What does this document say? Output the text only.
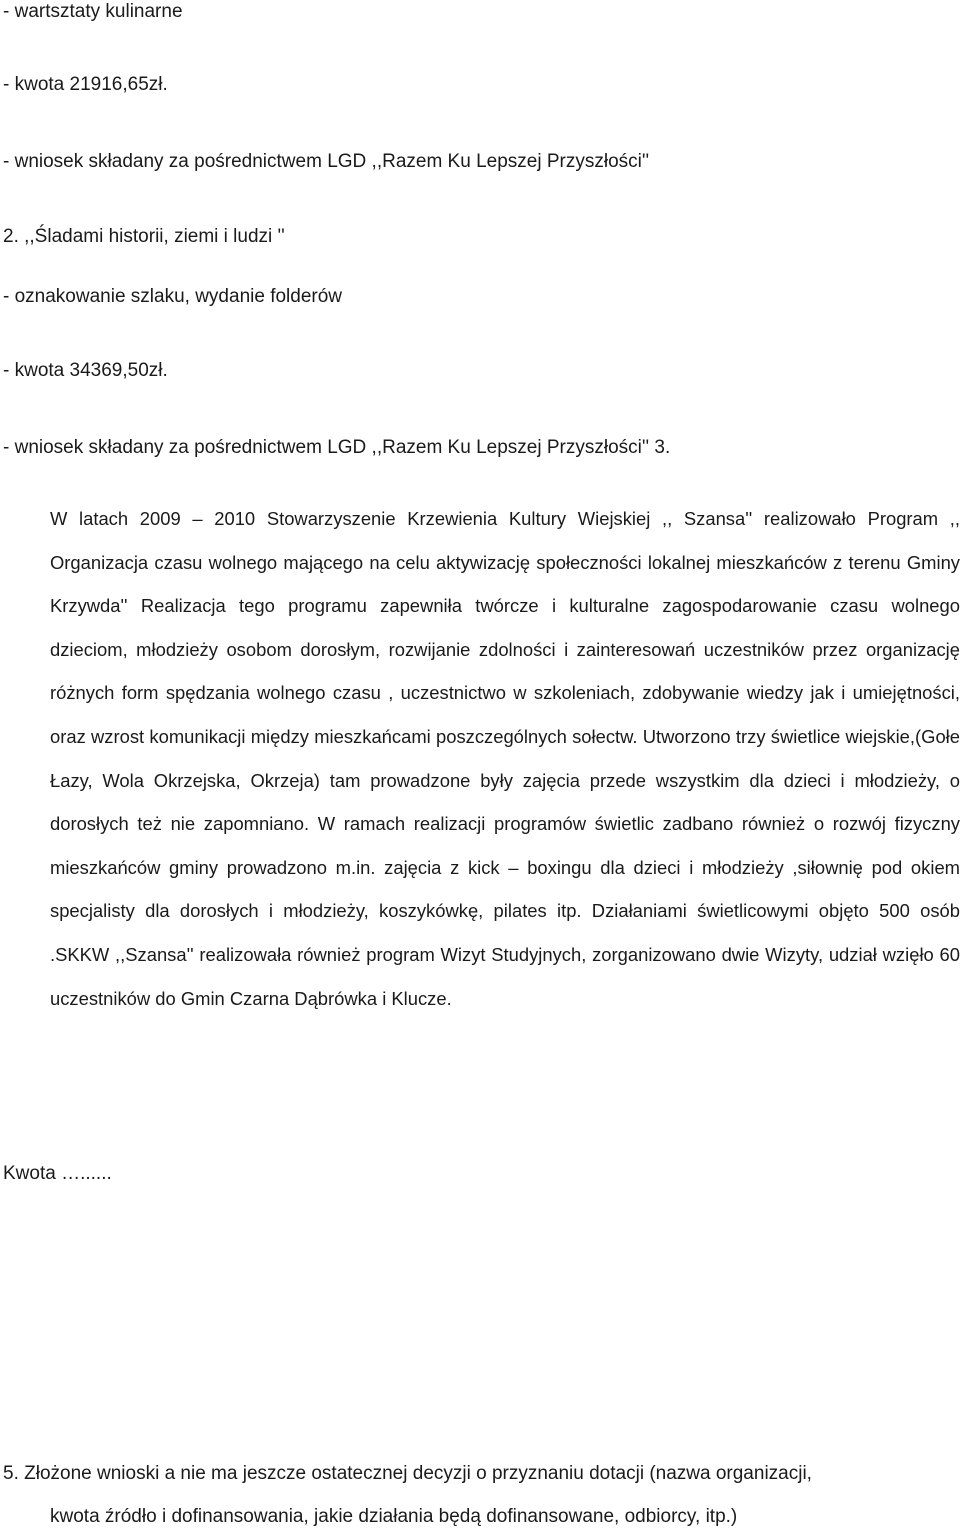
- wartsztaty kulinarne
- kwota 21916,65zł.
- wniosek składany za pośrednictwem LGD ,,Razem Ku Lepszej Przyszłości''
2. ,,Śladami historii, ziemi i ludzi ''
- oznakowanie szlaku, wydanie folderów
- kwota 34369,50zł.
- wniosek składany za pośrednictwem LGD ,,Razem Ku Lepszej Przyszłości'' 3.

W latach 2009 – 2010 Stowarzyszenie Krzewienia Kultury Wiejskiej ,, Szansa'' realizowało Program ,, Organizacja czasu wolnego mającego na celu aktywizację społeczności lokalnej mieszkańców z terenu Gminy Krzywda'' Realizacja tego programu zapewniła twórcze i kulturalne zagospodarowanie czasu wolnego dzieciom, młodzieży osobom dorosłym, rozwijanie zdolności i zainteresowań uczestników przez organizację różnych form spędzania wolnego czasu , uczestnictwo w szkoleniach, zdobywanie wiedzy jak i umiejętności, oraz wzrost komunikacji między mieszkańcami poszczególnych sołectw. Utworzono trzy świetlice wiejskie,(Gołe Łazy, Wola Okrzejska, Okrzeja) tam prowadzone były zajęcia przede wszystkim dla dzieci i młodzieży, o dorosłych też nie zapomniano. W ramach realizacji programów świetlic zadbano również o rozwój fizyczny mieszkańców gminy prowadzono m.in. zajęcia z kick – boxingu dla dzieci i młodzieży ,siłownię pod okiem specjalisty dla dorosłych i młodzieży, koszykówkę, pilates itp. Działaniami świetlicowymi objęto 500 osób .SKKW ,,Szansa'' realizowała również program Wizyt Studyjnych, zorganizowano dwie Wizyty, udział wzięło 60 uczestników do Gmin Czarna Dąbrówka i Klucze.

Kwota …......
5. Złożone wnioski a nie ma jeszcze ostatecznej decyzji o przyznaniu dotacji (nazwa organizacji,
kwota źródło i dofinansowania, jakie działania będą dofinansowane, odbiorcy, itp.)
